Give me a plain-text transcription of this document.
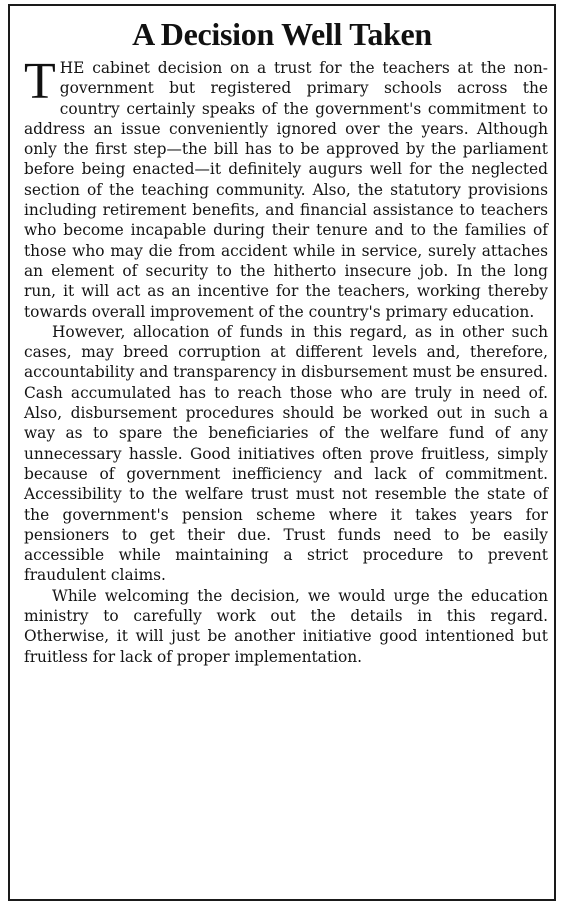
A Decision Well Taken

THE cabinet decision on a trust for the teachers at the non-government but registered primary schools across the country certainly speaks of the government's commitment to address an issue conveniently ignored over the years. Although only the first step—the bill has to be approved by the parliament before being enacted—it definitely augurs well for the neglected section of the teaching community. Also, the statutory provisions including retirement benefits, and financial assistance to teachers who become incapable during their tenure and to the families of those who may die from accident while in service, surely attaches an element of security to the hitherto insecure job. In the long run, it will act as an incentive for the teachers, working thereby towards overall improvement of the country's primary education.

However, allocation of funds in this regard, as in other such cases, may breed corruption at different levels and, therefore, accountability and transparency in disbursement must be ensured. Cash accumulated has to reach those who are truly in need of. Also, disbursement procedures should be worked out in such a way as to spare the beneficiaries of the welfare fund of any unnecessary hassle. Good initiatives often prove fruitless, simply because of government inefficiency and lack of commitment. Accessibility to the welfare trust must not resemble the state of the government's pension scheme where it takes years for pensioners to get their due. Trust funds need to be easily accessible while maintaining a strict procedure to prevent fraudulent claims.

While welcoming the decision, we would urge the education ministry to carefully work out the details in this regard. Otherwise, it will just be another initiative good intentioned but fruitless for lack of proper implementation.
